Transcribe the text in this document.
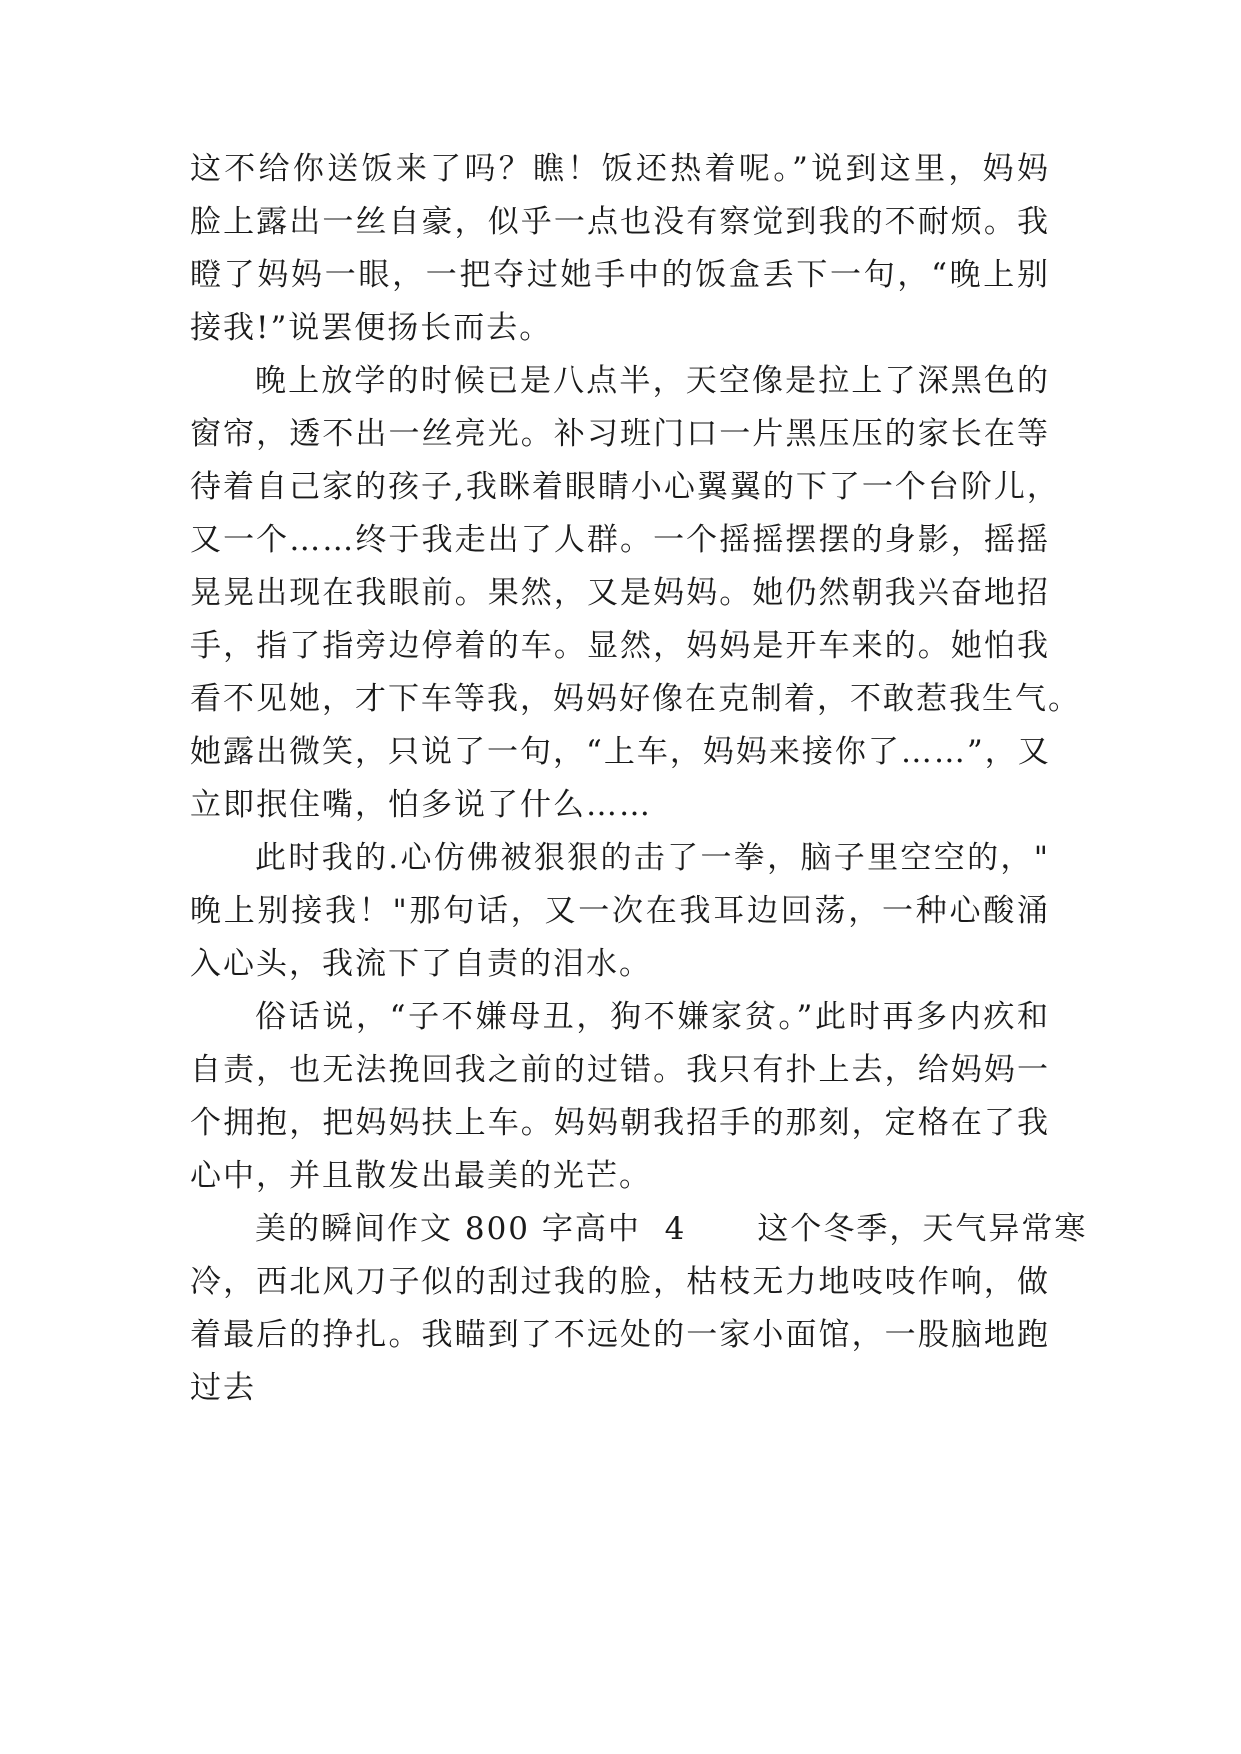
这不给你送饭来了吗？瞧！饭还热着呢。”说到这里，妈妈
脸上露出一丝自豪，似乎一点也没有察觉到我的不耐烦。我
瞪了妈妈一眼，一把夺过她手中的饭盒丢下一句，“晚上别
接我!”说罢便扬长而去。
晚上放学的时候已是八点半，天空像是拉上了深黑色的
窗帘，透不出一丝亮光。补习班门口一片黑压压的家长在等
待着自己家的孩子,我眯着眼睛小心翼翼的下了一个台阶儿，
又一个……终于我走出了人群。一个摇摇摆摆的身影，摇摇
晃晃出现在我眼前。果然，又是妈妈。她仍然朝我兴奋地招
手，指了指旁边停着的车。显然，妈妈是开车来的。她怕我
看不见她，才下车等我，妈妈好像在克制着，不敢惹我生气。
她露出微笑，只说了一句，“上车，妈妈来接你了……”，又
立即抿住嘴，怕多说了什么……
此时我的.心仿佛被狠狠的击了一拳，脑子里空空的，"
晚上别接我！"那句话，又一次在我耳边回荡，一种心酸涌
入心头，我流下了自责的泪水。
俗话说，“子不嫌母丑，狗不嫌家贫。”此时再多内疚和
自责，也无法挽回我之前的过错。我只有扑上去，给妈妈一
个拥抱，把妈妈扶上车。妈妈朝我招手的那刻，定格在了我
心中，并且散发出最美的光芒。
美的瞬间作文 800 字高中  4      这个冬季，天气异常寒
冷，西北风刀子似的刮过我的脸，枯枝无力地吱吱作响，做
着最后的挣扎。我瞄到了不远处的一家小面馆，一股脑地跑
过去
